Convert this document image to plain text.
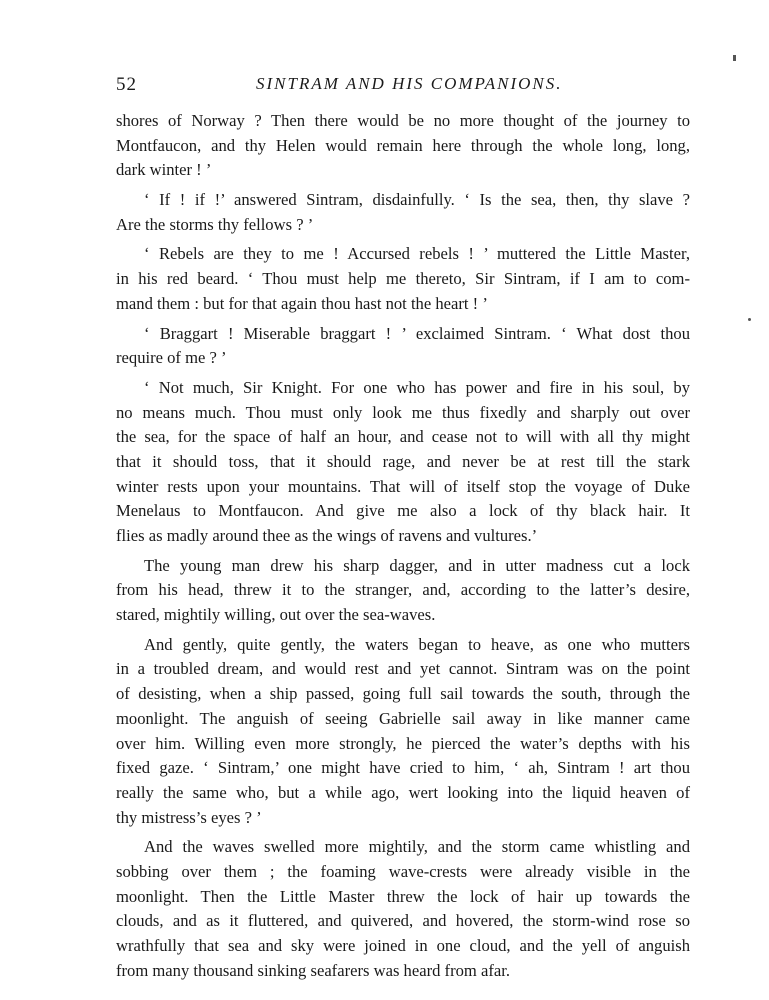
52	SINTRAM AND HIS COMPANIONS.
shores of Norway ? Then there would be no more thought of the journey to
Montfaucon, and thy Helen would remain here through the whole long, long,
dark winter ! ’
‘ If ! if !’ answered Sintram, disdainfully. ‘ Is the sea, then, thy slave ?
Are the storms thy fellows ? ’
‘ Rebels are they to me ! Accursed rebels ! ’ muttered the Little Master,
in his red beard. ‘ Thou must help me thereto, Sir Sintram, if I am to com-
mand them : but for that again thou hast not the heart ! ’
‘ Braggart ! Miserable braggart ! ’ exclaimed Sintram. ‘ What dost thou
require of me ? ’
‘ Not much, Sir Knight. For one who has power and fire in his soul, by
no means much. Thou must only look me thus fixedly and sharply out over
the sea, for the space of half an hour, and cease not to will with all thy might
that it should toss, that it should rage, and never be at rest till the stark
winter rests upon your mountains. That will of itself stop the voyage of Duke
Menelaus to Montfaucon. And give me also a lock of thy black hair. It
flies as madly around thee as the wings of ravens and vultures.’
The young man drew his sharp dagger, and in utter madness cut a lock
from his head, threw it to the stranger, and, according to the latter’s desire,
stared, mightily willing, out over the sea-waves.
And gently, quite gently, the waters began to heave, as one who mutters
in a troubled dream, and would rest and yet cannot. Sintram was on the point
of desisting, when a ship passed, going full sail towards the south, through the
moonlight. The anguish of seeing Gabrielle sail away in like manner came
over him. Willing even more strongly, he pierced the water’s depths with his
fixed gaze. ‘ Sintram,’ one might have cried to him, ‘ ah, Sintram ! art thou
really the same who, but a while ago, wert looking into the liquid heaven of
thy mistress’s eyes ? ’
And the waves swelled more mightily, and the storm came whistling and
sobbing over them ; the foaming wave-crests were already visible in the
moonlight. Then the Little Master threw the lock of hair up towards the
clouds, and as it fluttered, and quivered, and hovered, the storm-wind rose so
wrathfully that sea and sky were joined in one cloud, and the yell of anguish
from many thousand sinking seafarers was heard from afar.
